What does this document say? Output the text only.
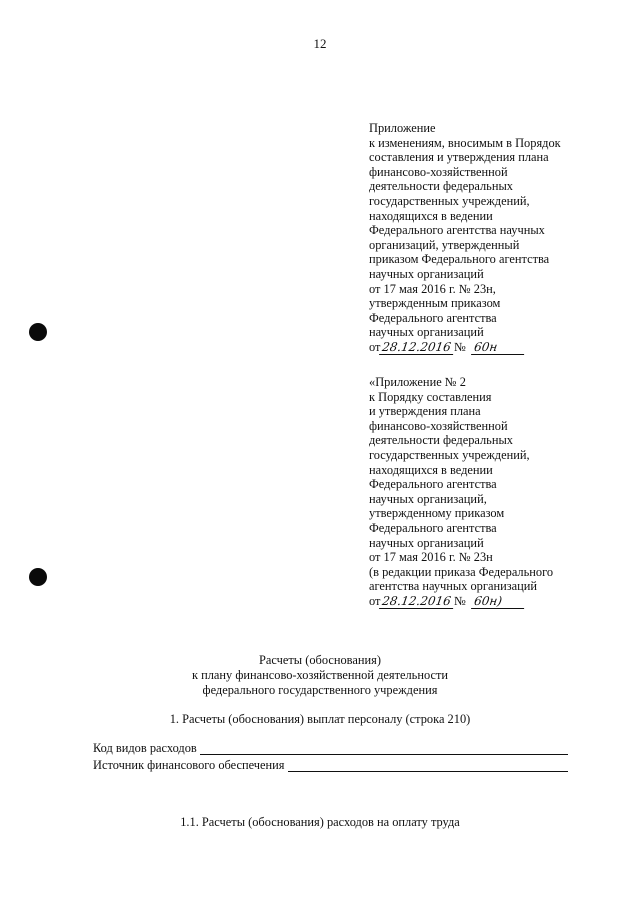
12
Приложение
к изменениям, вносимым в Порядок
составления и утверждения плана
финансово-хозяйственной
деятельности федеральных
государственных учреждений,
находящихся в ведении
Федерального агентства научных
организаций, утвержденный
приказом Федерального агентства
научных организаций
от 17 мая 2016 г. № 23н,
утвержденным приказом
Федерального агентства
научных организаций
от 28.12.2016 № 60н
«Приложение № 2
к Порядку составления
и утверждения плана
финансово-хозяйственной
деятельности федеральных
государственных учреждений,
находящихся в ведении
Федерального агентства
научных организаций,
утвержденному приказом
Федерального агентства
научных организаций
от 17 мая 2016 г. № 23н
(в редакции приказа Федерального
агентства научных организаций
от 28.12.2016 № 60н)
Расчеты (обоснования)
к плану финансово-хозяйственной деятельности
федерального государственного учреждения
1. Расчеты (обоснования) выплат персоналу (строка 210)
Код видов расходов
Источник финансового обеспечения
1.1. Расчеты (обоснования) расходов на оплату труда
